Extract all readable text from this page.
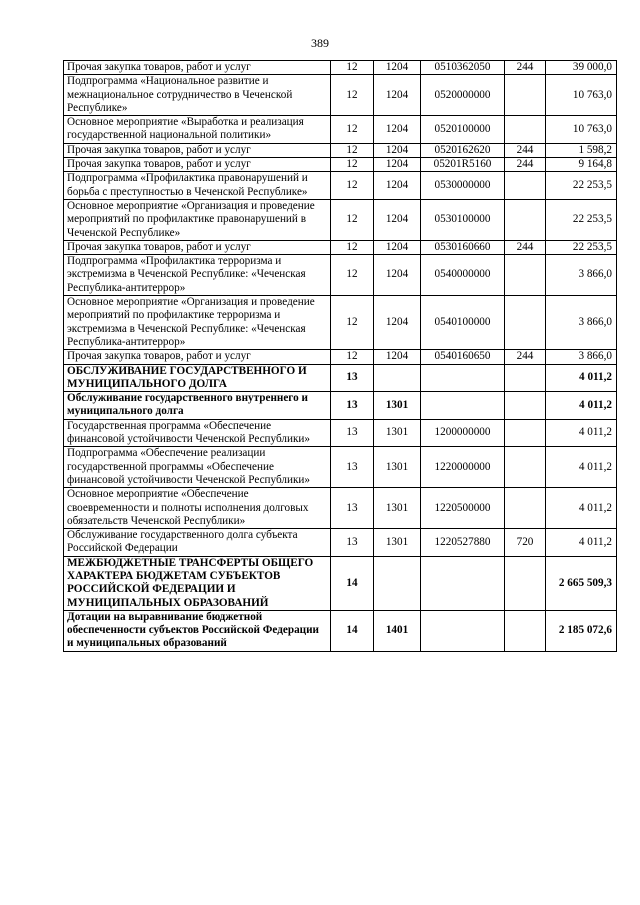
389
Прочая закупка товаров, работ и услуг	12	1204	0510362050	244	39 000,0
Подпрограмма «Национальное развитие и межнациональное сотрудничество в Чеченской Республике»	12	1204	0520000000		10 763,0
Основное мероприятие «Выработка и реализация государственной национальной политики»	12	1204	0520100000		10 763,0
Прочая закупка товаров, работ и услуг	12	1204	0520162620	244	1 598,2
Прочая закупка товаров, работ и услуг	12	1204	05201R5160	244	9 164,8
Подпрограмма «Профилактика правонарушений и борьба с преступностью в Чеченской Республике»	12	1204	0530000000		22 253,5
Основное мероприятие «Организация и проведение мероприятий по профилактике правонарушений в Чеченской Республике»	12	1204	0530100000		22 253,5
Прочая закупка товаров, работ и услуг	12	1204	0530160660	244	22 253,5
Подпрограмма «Профилактика терроризма и экстремизма в Чеченской Республике: «Чеченская Республика-антитеррор»	12	1204	0540000000		3 866,0
Основное мероприятие «Организация и проведение мероприятий по профилактике терроризма и экстремизма в Чеченской Республике: «Чеченская Республика-антитеррор»	12	1204	0540100000		3 866,0
Прочая закупка товаров, работ и услуг	12	1204	0540160650	244	3 866,0
ОБСЛУЖИВАНИЕ ГОСУДАРСТВЕННОГО И МУНИЦИПАЛЬНОГО ДОЛГА	13				4 011,2
Обслуживание государственного внутреннего и муниципального долга	13	1301			4 011,2
Государственная программа «Обеспечение финансовой устойчивости Чеченской Республики»	13	1301	1200000000		4 011,2
Подпрограмма «Обеспечение реализации государственной программы «Обеспечение финансовой устойчивости Чеченской Республики»	13	1301	1220000000		4 011,2
Основное мероприятие «Обеспечение своевременности и полноты исполнения долговых обязательств Чеченской Республики»	13	1301	1220500000		4 011,2
Обслуживание государственного долга субъекта Российской Федерации	13	1301	1220527880	720	4 011,2
МЕЖБЮДЖЕТНЫЕ ТРАНСФЕРТЫ ОБЩЕГО ХАРАКТЕРА БЮДЖЕТАМ СУБЪЕКТОВ РОССИЙСКОЙ ФЕДЕРАЦИИ И МУНИЦИПАЛЬНЫХ ОБРАЗОВАНИЙ	14				2 665 509,3
Дотации на выравнивание бюджетной обеспеченности субъектов Российской Федерации и муниципальных образований	14	1401			2 185 072,6
